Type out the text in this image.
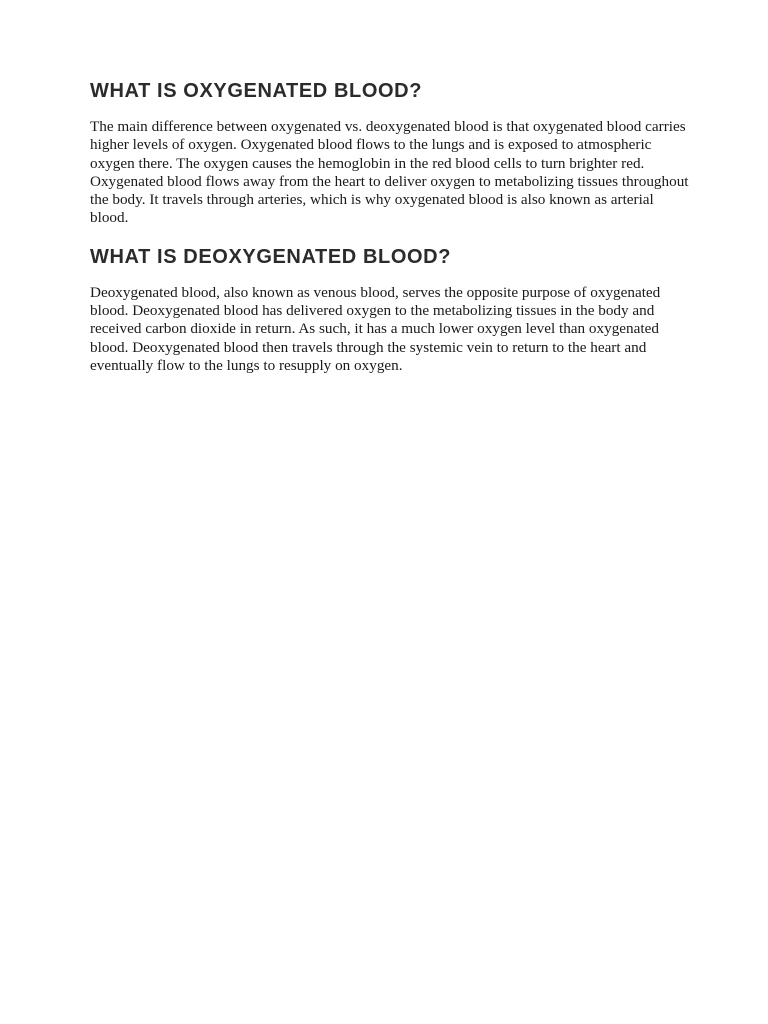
WHAT IS OXYGENATED BLOOD?

The main difference between oxygenated vs. deoxygenated blood is that oxygenated blood carries higher levels of oxygen. Oxygenated blood flows to the lungs and is exposed to atmospheric oxygen there. The oxygen causes the hemoglobin in the red blood cells to turn brighter red. Oxygenated blood flows away from the heart to deliver oxygen to metabolizing tissues throughout the body. It travels through arteries, which is why oxygenated blood is also known as arterial blood.

WHAT IS DEOXYGENATED BLOOD?

Deoxygenated blood, also known as venous blood, serves the opposite purpose of oxygenated blood. Deoxygenated blood has delivered oxygen to the metabolizing tissues in the body and received carbon dioxide in return. As such, it has a much lower oxygen level than oxygenated blood. Deoxygenated blood then travels through the systemic vein to return to the heart and eventually flow to the lungs to resupply on oxygen.
